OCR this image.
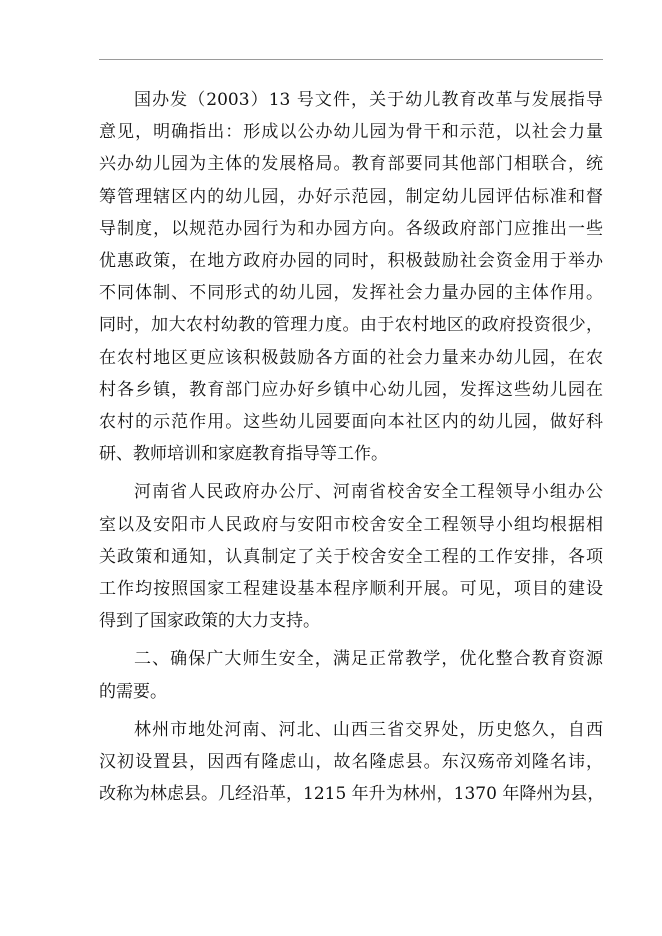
国办发（2003）13 号文件，关于幼儿教育改革与发展指导
意见，明确指出：形成以公办幼儿园为骨干和示范，以社会力量
兴办幼儿园为主体的发展格局。教育部要同其他部门相联合，统
筹管理辖区内的幼儿园，办好示范园，制定幼儿园评估标准和督
导制度，以规范办园行为和办园方向。各级政府部门应推出一些
优惠政策，在地方政府办园的同时，积极鼓励社会资金用于举办
不同体制、不同形式的幼儿园，发挥社会力量办园的主体作用。
同时，加大农村幼教的管理力度。由于农村地区的政府投资很少，
在农村地区更应该积极鼓励各方面的社会力量来办幼儿园，在农
村各乡镇，教育部门应办好乡镇中心幼儿园，发挥这些幼儿园在
农村的示范作用。这些幼儿园要面向本社区内的幼儿园，做好科
研、教师培训和家庭教育指导等工作。
河南省人民政府办公厅、河南省校舍安全工程领导小组办公
室以及安阳市人民政府与安阳市校舍安全工程领导小组均根据相
关政策和通知，认真制定了关于校舍安全工程的工作安排，各项
工作均按照国家工程建设基本程序顺利开展。可见，项目的建设
得到了国家政策的大力支持。
二、确保广大师生安全，满足正常教学，优化整合教育资源
的需要。
林州市地处河南、河北、山西三省交界处，历史悠久，自西
汉初设置县，因西有隆虑山，故名隆虑县。东汉殇帝刘隆名讳，
改称为林虑县。几经沿革，1215 年升为林州，1370 年降州为县，
